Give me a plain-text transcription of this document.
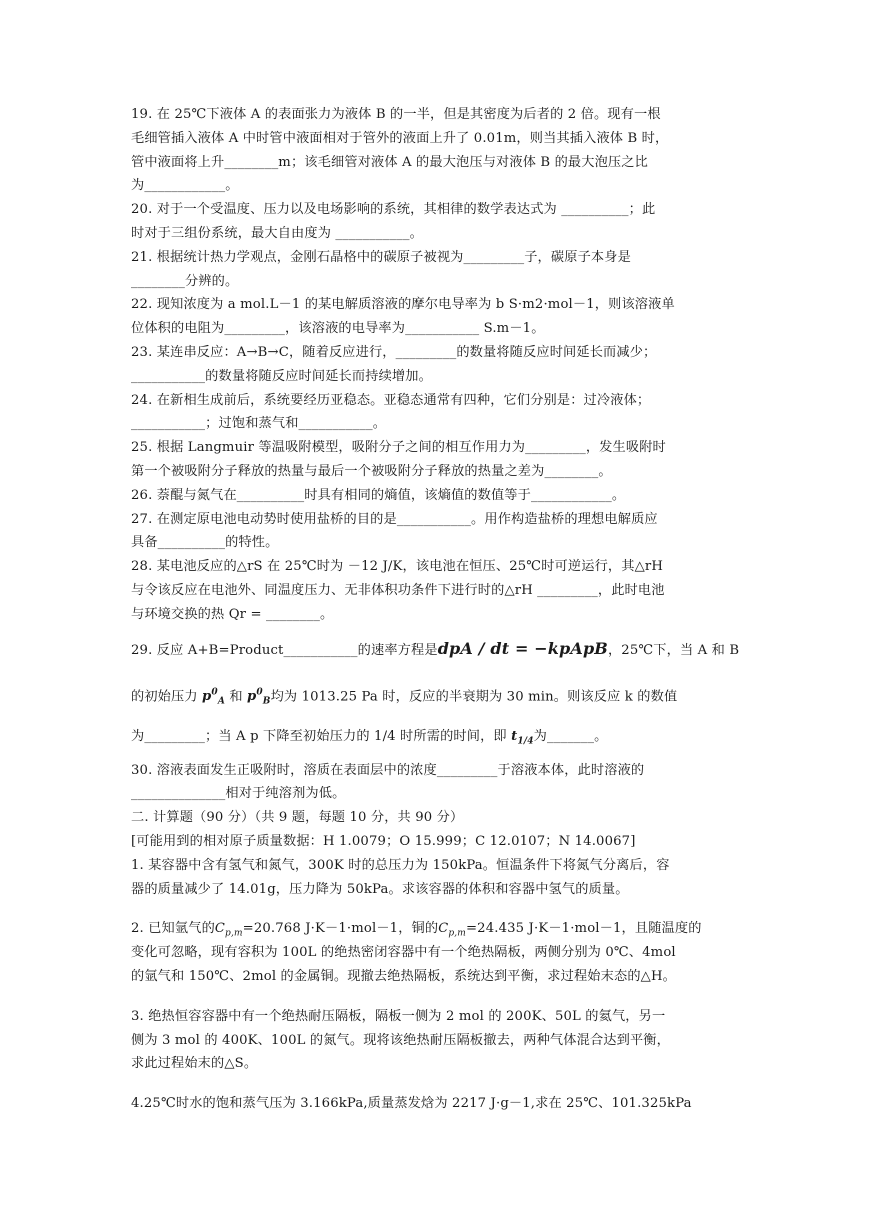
19. 在 25℃下液体 A 的表面张力为液体 B 的一半，但是其密度为后者的 2 倍。现有一根
毛细管插入液体 A 中时管中液面相对于管外的液面上升了 0.01m，则当其插入液体 B 时，
管中液面将上升________m；该毛细管对液体 A 的最大泡压与对液体 B 的最大泡压之比
为____________。
20. 对于一个受温度、压力以及电场影响的系统，其相律的数学表达式为 __________；此
时对于三组份系统，最大自由度为 ___________。
21. 根据统计热力学观点，金刚石晶格中的碳原子被视为_________子，碳原子本身是
________分辨的。
22. 现知浓度为 a mol.L－1 的某电解质溶液的摩尔电导率为 b S·m2·mol－1，则该溶液单
位体积的电阻为_________，该溶液的电导率为___________ S.m－1。
23. 某连串反应：A→B→C，随着反应进行，_________的数量将随反应时间延长而减少；
___________的数量将随反应时间延长而持续增加。
24. 在新相生成前后，系统要经历亚稳态。亚稳态通常有四种，它们分别是：过冷液体；
___________；过饱和蒸气和___________。
25. 根据 Langmuir 等温吸附模型，吸附分子之间的相互作用力为_________，发生吸附时
第一个被吸附分子释放的热量与最后一个被吸附分子释放的热量之差为________。
26. 萘醌与氮气在__________时具有相同的熵值，该熵值的数值等于____________。
27. 在测定原电池电动势时使用盐桥的目的是___________。用作构造盐桥的理想电解质应
具备__________的特性。
28. 某电池反应的△rS 在 25℃时为 －12 J/K，该电池在恒压、25℃时可逆运行，其△rH
与令该反应在电池外、同温度压力、无非体积功条件下进行时的△rH _________，此时电池
与环境交换的热 Qr = ________。
29. 反应 A+B=Product___________的速率方程是dpA / dt = −kpApB，25℃下，当 A 和 B
的初始压力 $p^0_A$ 和 $p^0_B$均为 1013.25 Pa 时，反应的半衰期为 30 min。则该反应 k 的数值
为_________；当 A p 下降至初始压力的 1/4 时所需的时间，即 $t_{1/4}$为_______。
30. 溶液表面发生正吸附时，溶质在表面层中的浓度_________于溶液本体，此时溶液的
______________相对于纯溶剂为低。
二. 计算题（90 分）（共 9 题，每题 10 分，共 90 分）
[可能用到的相对原子质量数据：H 1.0079；O 15.999；C 12.0107；N 14.0067]
1. 某容器中含有氢气和氮气，300K 时的总压力为 150kPa。恒温条件下将氮气分离后，容
器的质量减少了 14.01g，压力降为 50kPa。求该容器的体积和容器中氢气的质量。
2. 已知氩气的$C_{p,m}=20.768$ J·K－1·mol－1，铜的$C_{p,m}=24.435$ J·K－1·mol－1，且随温度的
变化可忽略，现有容积为 100L 的绝热密闭容器中有一个绝热隔板，两侧分别为 0℃、4mol
的氩气和 150℃、2mol 的金属铜。现撤去绝热隔板，系统达到平衡，求过程始末态的△H。
3. 绝热恒容容器中有一个绝热耐压隔板，隔板一侧为 2 mol 的 200K、50L 的氦气，另一
侧为 3 mol 的 400K、100L 的氮气。现将该绝热耐压隔板撤去，两种气体混合达到平衡，
求此过程始末的△S。
4.25℃时水的饱和蒸气压为 3.166kPa,质量蒸发焓为 2217 J·g－1,求在 25℃、101.325kPa
